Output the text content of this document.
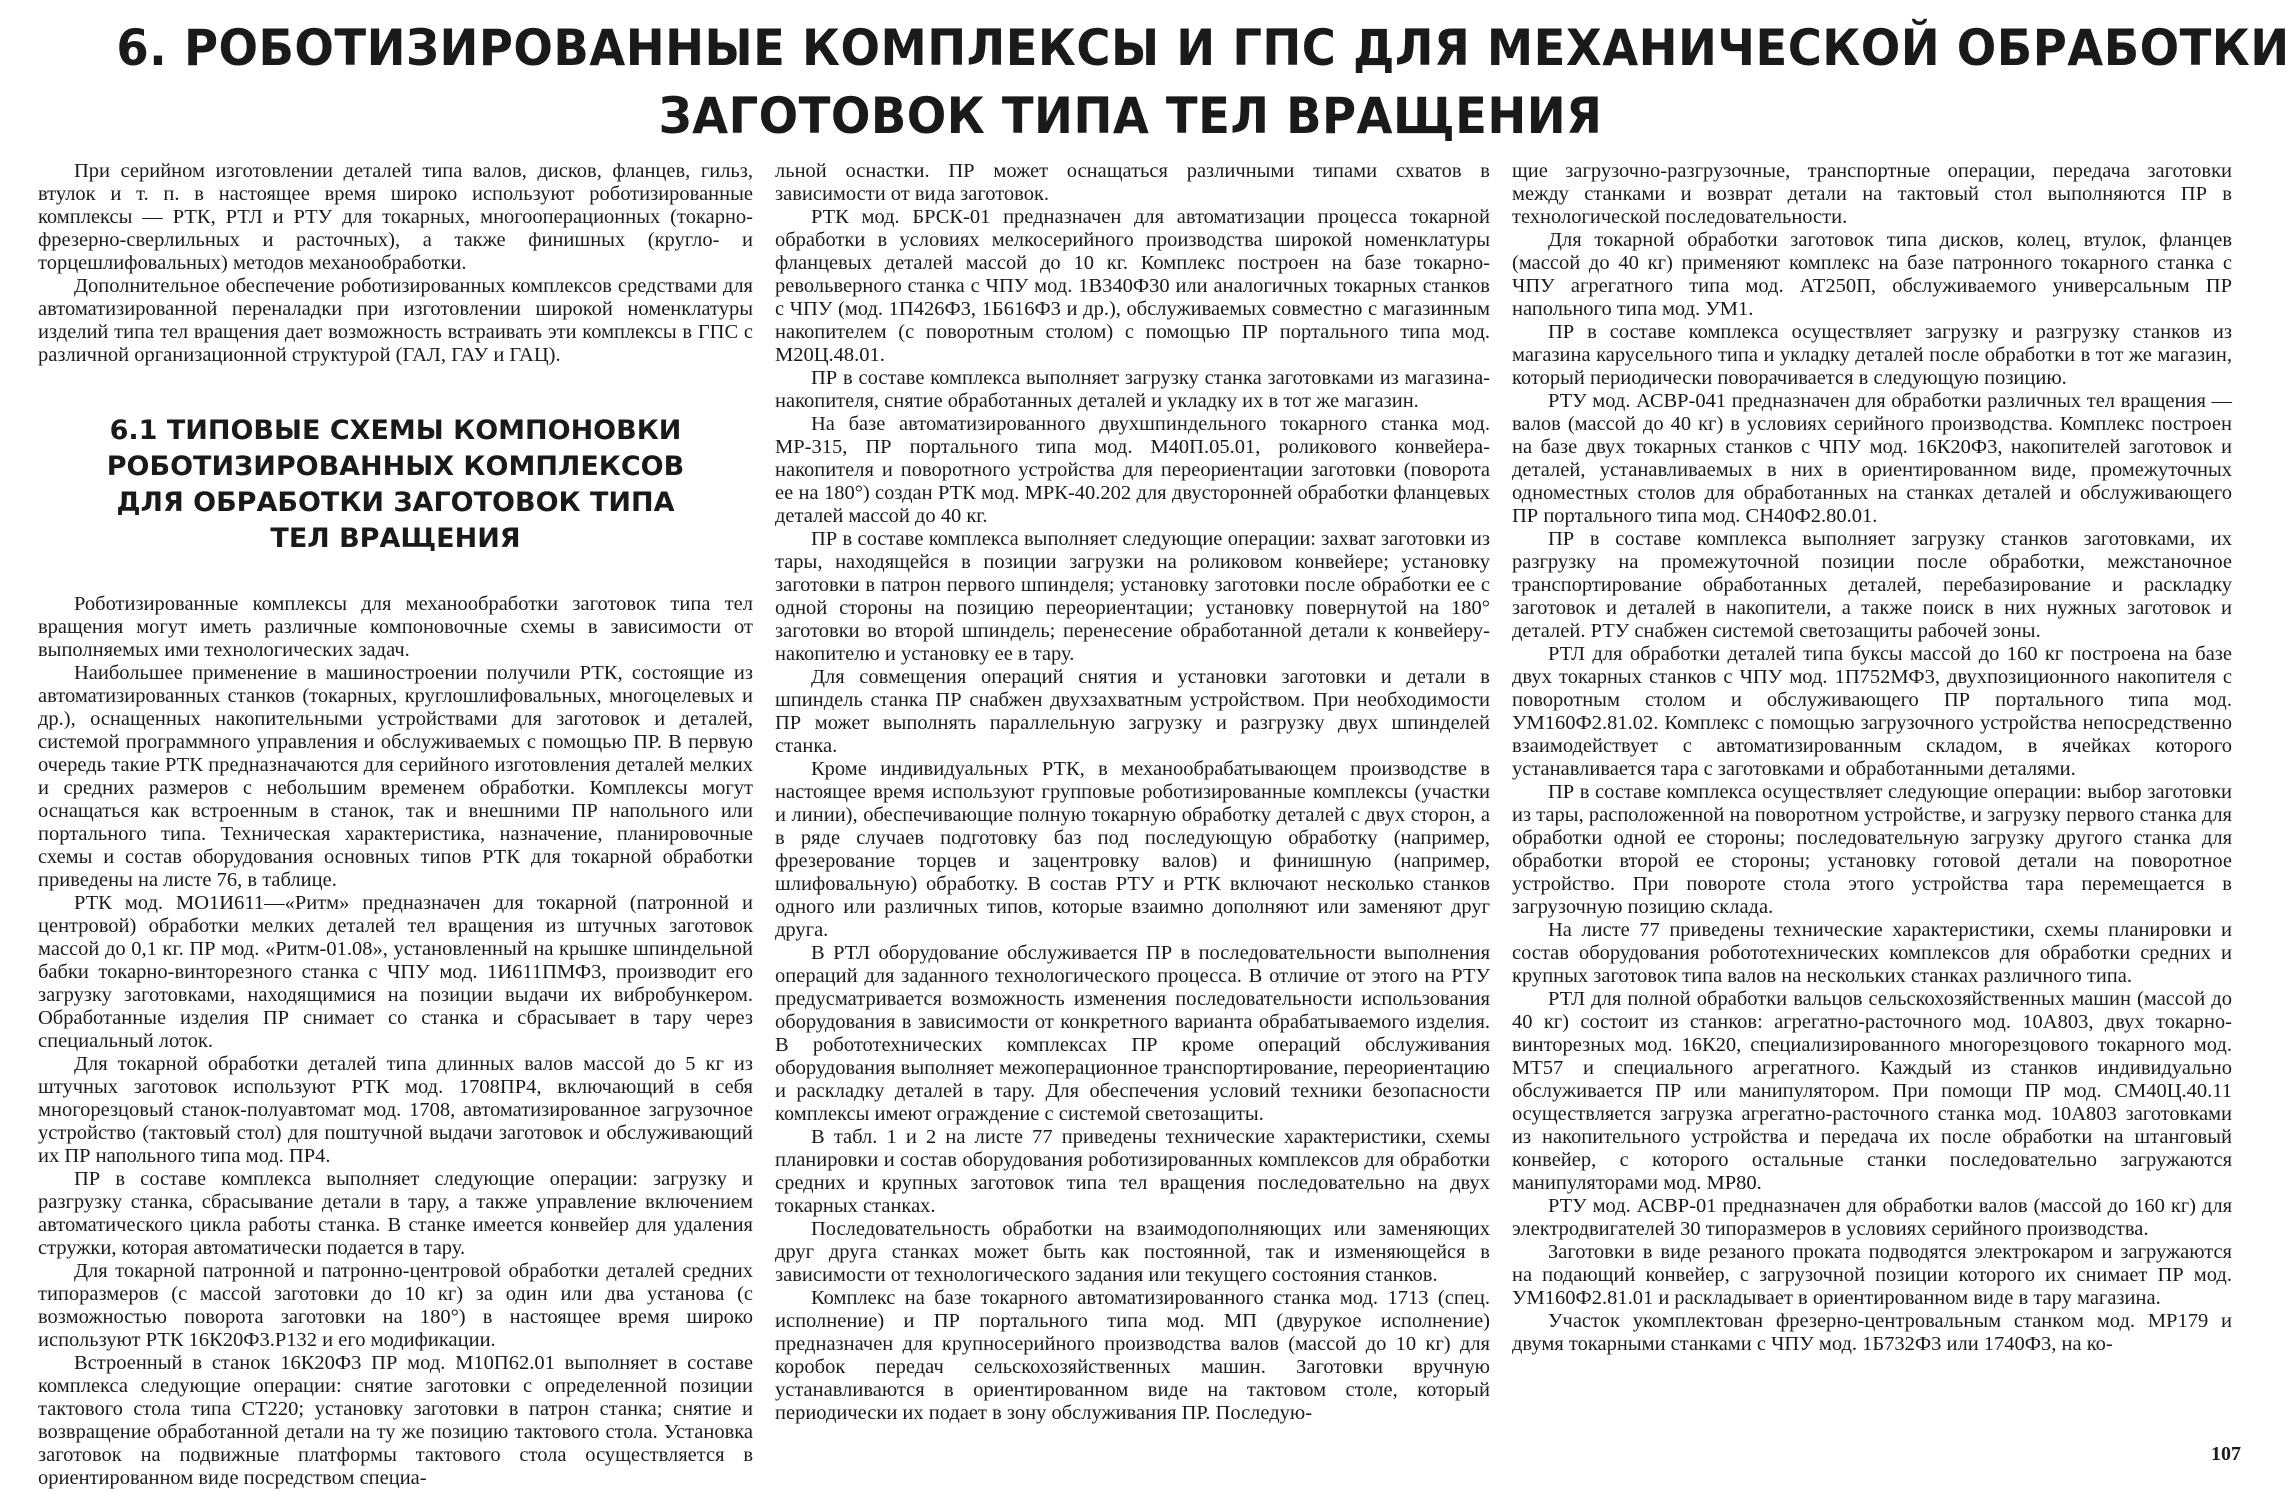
6. РОБОТИЗИРОВАННЫЕ КОМПЛЕКСЫ И ГПС ДЛЯ МЕХАНИЧЕСКОЙ ОБРАБОТКИ
ЗАГОТОВОК ТИПА ТЕЛ ВРАЩЕНИЯ

При серийном изготовлении деталей типа валов, дисков, фланцев, гильз, втулок и т. п. в настоящее время широко используют роботизированные комплексы — РТК, РТЛ и РТУ для токарных, многооперационных (токарно-фрезерно-сверлильных и расточных), а также финишных (кругло- и торцешлифовальных) методов механообработки.

Дополнительное обеспечение роботизированных комплексов средствами для автоматизированной переналадки при изготовлении широкой номенклатуры изделий типа тел вращения дает возможность встраивать эти комплексы в ГПС с различной организационной структурой (ГАЛ, ГАУ и ГАЦ).

6.1 ТИПОВЫЕ СХЕМЫ КОМПОНОВКИ
РОБОТИЗИРОВАННЫХ КОМПЛЕКСОВ
ДЛЯ ОБРАБОТКИ ЗАГОТОВОК ТИПА
ТЕЛ ВРАЩЕНИЯ

Роботизированные комплексы для механообработки заготовок типа тел вращения могут иметь различные компоновочные схемы в зависимости от выполняемых ими технологических задач.

Наибольшее применение в машиностроении получили РТК, состоящие из автоматизированных станков (токарных, круглошлифовальных, многоцелевых и др.), оснащенных накопительными устройствами для заготовок и деталей, системой программного управления и обслуживаемых с помощью ПР. В первую очередь такие РТК предназначаются для серийного изготовления деталей мелких и средних размеров с небольшим временем обработки. Комплексы могут оснащаться как встроенным в станок, так и внешними ПР напольного или портального типа. Техническая характеристика, назначение, планировочные схемы и состав оборудования основных типов РТК для токарной обработки приведены на листе 76, в таблице.

РТК мод. МО1И611—«Ритм» предназначен для токарной (патронной и центровой) обработки мелких деталей тел вращения из штучных заготовок массой до 0,1 кг. ПР мод. «Ритм-01.08», установленный на крышке шпиндельной бабки токарно-винторезного станка с ЧПУ мод. 1И611ПМФ3, производит его загрузку заготовками, находящимися на позиции выдачи их вибробункером. Обработанные изделия ПР снимает со станка и сбрасывает в тару через специальный лоток.

Для токарной обработки деталей типа длинных валов массой до 5 кг из штучных заготовок используют РТК мод. 1708ПР4, включающий в себя многорезцовый станок-полуавтомат мод. 1708, автоматизированное загрузочное устройство (тактовый стол) для поштучной выдачи заготовок и обслуживающий их ПР напольного типа мод. ПР4.

ПР в составе комплекса выполняет следующие операции: загрузку и разгрузку станка, сбрасывание детали в тару, а также управление включением автоматического цикла работы станка. В станке имеется конвейер для удаления стружки, которая автоматически подается в тару.

Для токарной патронной и патронно-центровой обработки деталей средних типоразмеров (с массой заготовки до 10 кг) за один или два установа (с возможностью поворота заготовки на 180°) в настоящее время широко используют РТК 16К20Ф3.Р132 и его модификации.

Встроенный в станок 16К20Ф3 ПР мод. М10П62.01 выполняет в составе комплекса следующие операции: снятие заготовки с определенной позиции тактового стола типа СТ220; установку заготовки в патрон станка; снятие и возвращение обработанной детали на ту же позицию тактового стола. Установка заготовок на подвижные платформы тактового стола осуществляется в ориентированном виде посредством специа-

льной оснастки. ПР может оснащаться различными типами схватов в зависимости от вида заготовок.

РТК мод. БРСК-01 предназначен для автоматизации процесса токарной обработки в условиях мелкосерийного производства широкой номенклатуры фланцевых деталей массой до 10 кг. Комплекс построен на базе токарно-револьверного станка с ЧПУ мод. 1В340Ф30 или аналогичных токарных станков с ЧПУ (мод. 1П426Ф3, 1Б616Ф3 и др.), обслуживаемых совместно с магазинным накопителем (с поворотным столом) с помощью ПР портального типа мод. М20Ц.48.01.

ПР в составе комплекса выполняет загрузку станка заготовками из магазина-накопителя, снятие обработанных деталей и укладку их в тот же магазин.

На базе автоматизированного двухшпиндельного токарного станка мод. МР-315, ПР портального типа мод. М40П.05.01, роликового конвейера-накопителя и поворотного устройства для переориентации заготовки (поворота ее на 180°) создан РТК мод. МРК-40.202 для двусторонней обработки фланцевых деталей массой до 40 кг.

ПР в составе комплекса выполняет следующие операции: захват заготовки из тары, находящейся в позиции загрузки на роликовом конвейере; установку заготовки в патрон первого шпинделя; установку заготовки после обработки ее с одной стороны на позицию переориентации; установку повернутой на 180° заготовки во второй шпиндель; перенесение обработанной детали к конвейеру-накопителю и установку ее в тару.

Для совмещения операций снятия и установки заготовки и детали в шпиндель станка ПР снабжен двухзахватным устройством. При необходимости ПР может выполнять параллельную загрузку и разгрузку двух шпинделей станка.

Кроме индивидуальных РТК, в механообрабатывающем производстве в настоящее время используют групповые роботизированные комплексы (участки и линии), обеспечивающие полную токарную обработку деталей с двух сторон, а в ряде случаев подготовку баз под последующую обработку (например, фрезерование торцев и зацентровку валов) и финишную (например, шлифовальную) обработку. В состав РТУ и РТК включают несколько станков одного или различных типов, которые взаимно дополняют или заменяют друг друга.

В РТЛ оборудование обслуживается ПР в последовательности выполнения операций для заданного технологического процесса. В отличие от этого на РТУ предусматривается возможность изменения последовательности использования оборудования в зависимости от конкретного варианта обрабатываемого изделия. В робототехнических комплексах ПР кроме операций обслуживания оборудования выполняет межоперационное транспортирование, переориентацию и раскладку деталей в тару. Для обеспечения условий техники безопасности комплексы имеют ограждение с системой светозащиты.

В табл. 1 и 2 на листе 77 приведены технические характеристики, схемы планировки и состав оборудования роботизированных комплексов для обработки средних и крупных заготовок типа тел вращения последовательно на двух токарных станках.

Последовательность обработки на взаимодополняющих или заменяющих друг друга станках может быть как постоянной, так и изменяющейся в зависимости от технологического задания или текущего состояния станков.

Комплекс на базе токарного автоматизированного станка мод. 1713 (спец. исполнение) и ПР портального типа мод. МП (двурукое исполнение) предназначен для крупносерийного производства валов (массой до 10 кг) для коробок передач сельскохозяйственных машин. Заготовки вручную устанавливаются в ориентированном виде на тактовом столе, который периодически их подает в зону обслуживания ПР. Последую-

щие загрузочно-разгрузочные, транспортные операции, передача заготовки между станками и возврат детали на тактовый стол выполняются ПР в технологической последовательности.

Для токарной обработки заготовок типа дисков, колец, втулок, фланцев (массой до 40 кг) применяют комплекс на базе патронного токарного станка с ЧПУ агрегатного типа мод. АТ250П, обслуживаемого универсальным ПР напольного типа мод. УМ1.

ПР в составе комплекса осуществляет загрузку и разгрузку станков из магазина карусельного типа и укладку деталей после обработки в тот же магазин, который периодически поворачивается в следующую позицию.

РТУ мод. АСВР-041 предназначен для обработки различных тел вращения — валов (массой до 40 кг) в условиях серийного производства. Комплекс построен на базе двух токарных станков с ЧПУ мод. 16К20Ф3, накопителей заготовок и деталей, устанавливаемых в них в ориентированном виде, промежуточных одноместных столов для обработанных на станках деталей и обслуживающего ПР портального типа мод. СН40Ф2.80.01.

ПР в составе комплекса выполняет загрузку станков заготовками, их разгрузку на промежуточной позиции после обработки, межстаночное транспортирование обработанных деталей, перебазирование и раскладку заготовок и деталей в накопители, а также поиск в них нужных заготовок и деталей. РТУ снабжен системой светозащиты рабочей зоны.

РТЛ для обработки деталей типа буксы массой до 160 кг построена на базе двух токарных станков с ЧПУ мод. 1П752МФ3, двухпозиционного накопителя с поворотным столом и обслуживающего ПР портального типа мод. УМ160Ф2.81.02. Комплекс с помощью загрузочного устройства непосредственно взаимодействует с автоматизированным складом, в ячейках которого устанавливается тара с заготовками и обработанными деталями.

ПР в составе комплекса осуществляет следующие операции: выбор заготовки из тары, расположенной на поворотном устройстве, и загрузку первого станка для обработки одной ее стороны; последовательную загрузку другого станка для обработки второй ее стороны; установку готовой детали на поворотное устройство. При повороте стола этого устройства тара перемещается в загрузочную позицию склада.

На листе 77 приведены технические характеристики, схемы планировки и состав оборудования робототехнических комплексов для обработки средних и крупных заготовок типа валов на нескольких станках различного типа.

РТЛ для полной обработки вальцов сельскохозяйственных машин (массой до 40 кг) состоит из станков: агрегатно-расточного мод. 10А803, двух токарно-винторезных мод. 16К20, специализированного многорезцового токарного мод. МТ57 и специального агрегатного. Каждый из станков индивидуально обслуживается ПР или манипулятором. При помощи ПР мод. СМ40Ц.40.11 осуществляется загрузка агрегатно-расточного станка мод. 10А803 заготовками из накопительного устройства и передача их после обработки на штанговый конвейер, с которого остальные станки последовательно загружаются манипуляторами мод. МР80.

РТУ мод. АСВР-01 предназначен для обработки валов (массой до 160 кг) для электродвигателей 30 типоразмеров в условиях серийного производства.

Заготовки в виде резаного проката подводятся электрокаром и загружаются на подающий конвейер, с загрузочной позиции которого их снимает ПР мод. УМ160Ф2.81.01 и раскладывает в ориентированном виде в тару магазина.

Участок укомплектован фрезерно-центровальным станком мод. МР179 и двумя токарными станками с ЧПУ мод. 1Б732Ф3 или 1740Ф3, на ко-

107
